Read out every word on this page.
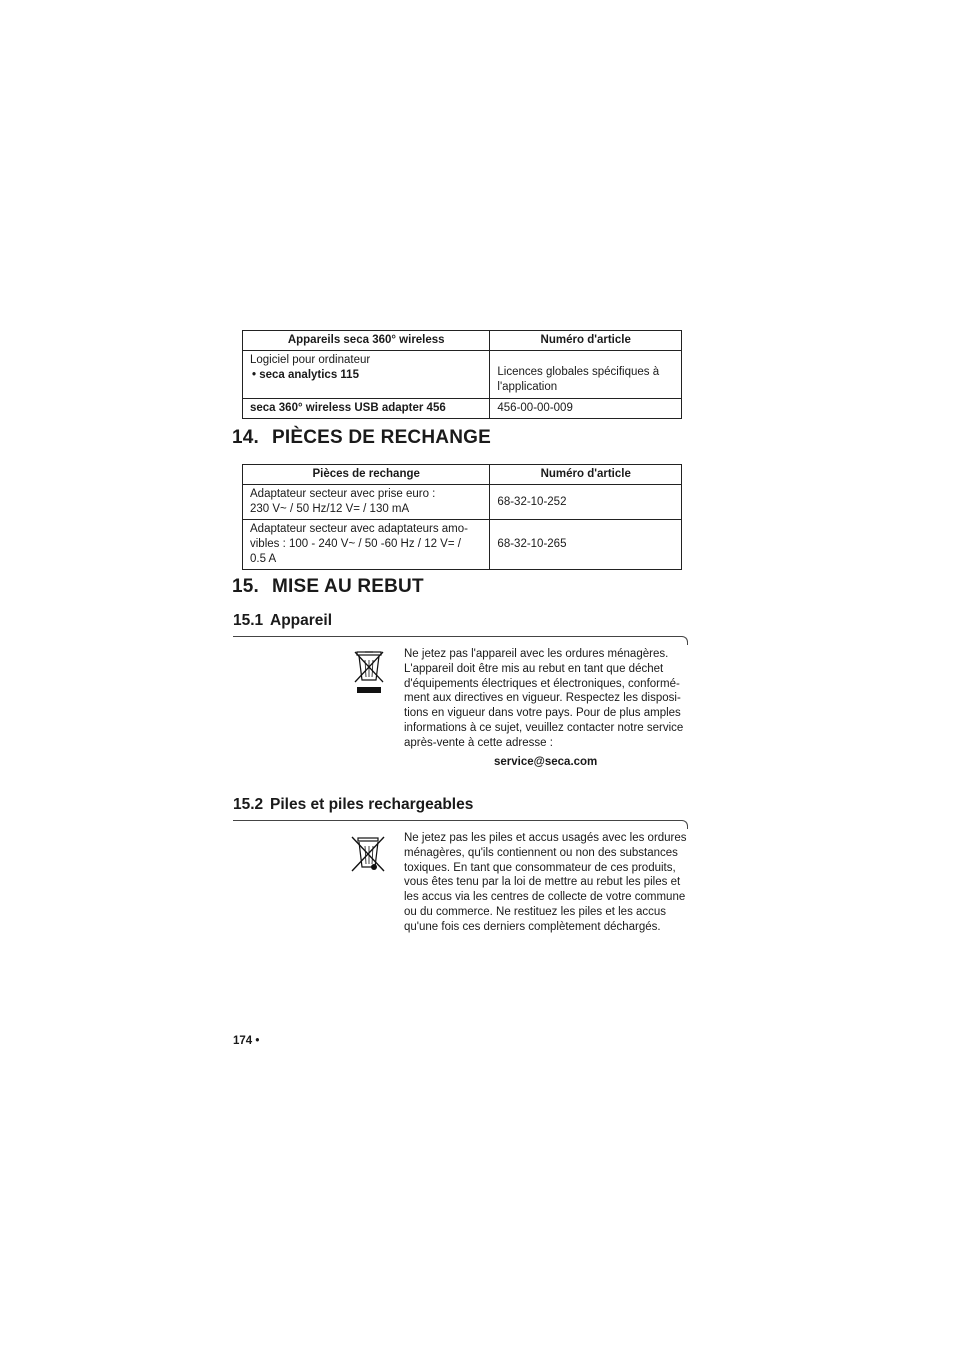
Appareils seca 360° wireless	Numéro d'article

Logiciel pour ordinateur
• seca analytics 115	Licences globales spécifiques à l'application
seca 360° wireless USB adapter 456	456-00-00-009
14. PIÈCES DE RECHANGE
Pièces de rechange	Numéro d'article

Adaptateur secteur avec prise euro :
230 V~ / 50 Hz/12 V= / 130 mA	68-32-10-252

Adaptateur secteur avec adaptateurs amo-
vibles : 100 - 240 V~ / 50 -60 Hz / 12 V= /
0.5 A	68-32-10-265
15. MISE AU REBUT
15.1 Appareil
Ne jetez pas l'appareil avec les ordures ménagères.
L'appareil doit être mis au rebut en tant que déchet
d'équipements électriques et électroniques, conformé-
ment aux directives en vigueur. Respectez les disposi-
tions en vigueur dans votre pays. Pour de plus amples
informations à ce sujet, veuillez contacter notre service
après-vente à cette adresse :
service@seca.com
15.2 Piles et piles rechargeables
Ne jetez pas les piles et accus usagés avec les ordures
ménagères, qu'ils contiennent ou non des substances
toxiques. En tant que consommateur de ces produits,
vous êtes tenu par la loi de mettre au rebut les piles et
les accus via les centres de collecte de votre commune
ou du commerce. Ne restituez les piles et les accus
qu'une fois ces derniers complètement déchargés.
174 •
